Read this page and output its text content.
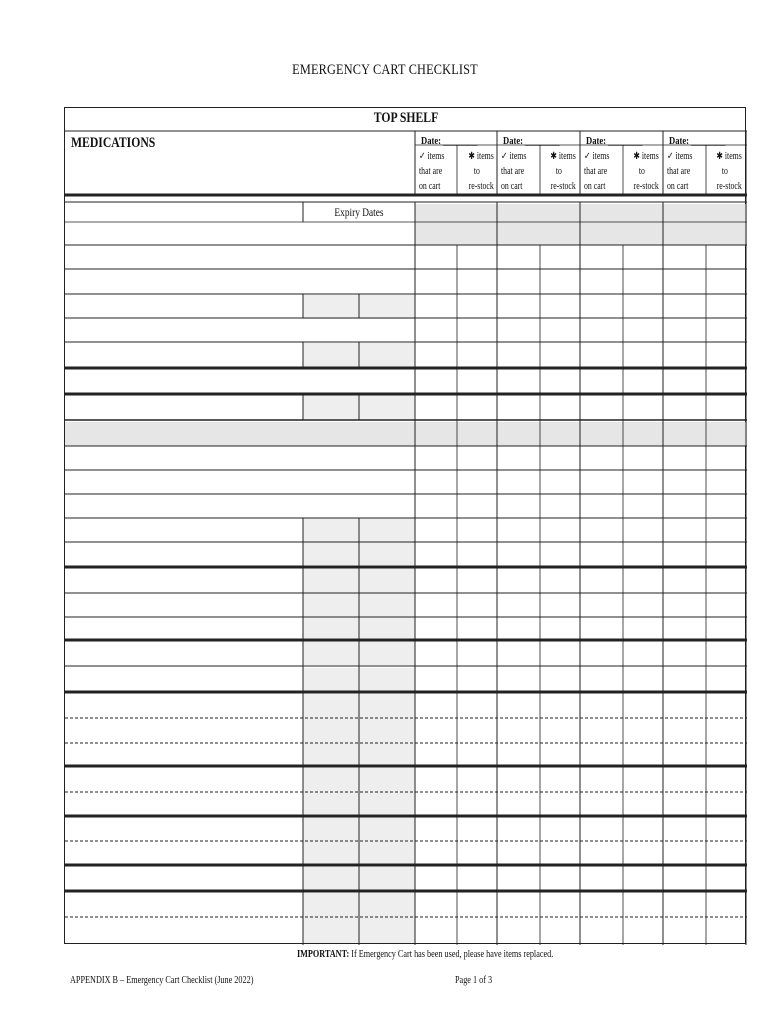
EMERGENCY CART CHECKLIST
TOP SHELF
MEDICATIONS
Expiry Dates
Date: ________
✓ items
that are
on cart
✱ items
to
re-stock
Date: ________
✓ items
that are
on cart
✱ items
to
re-stock
Date: ________
✓ items
that are
on cart
✱ items
to
re-stock
Date: ________
✓ items
that are
on cart
✱ items
to
re-stock
IMPORTANT: If Emergency Cart has been used, please have items replaced.
APPENDIX B – Emergency Cart Checklist (June 2022)	Page 1 of 3
